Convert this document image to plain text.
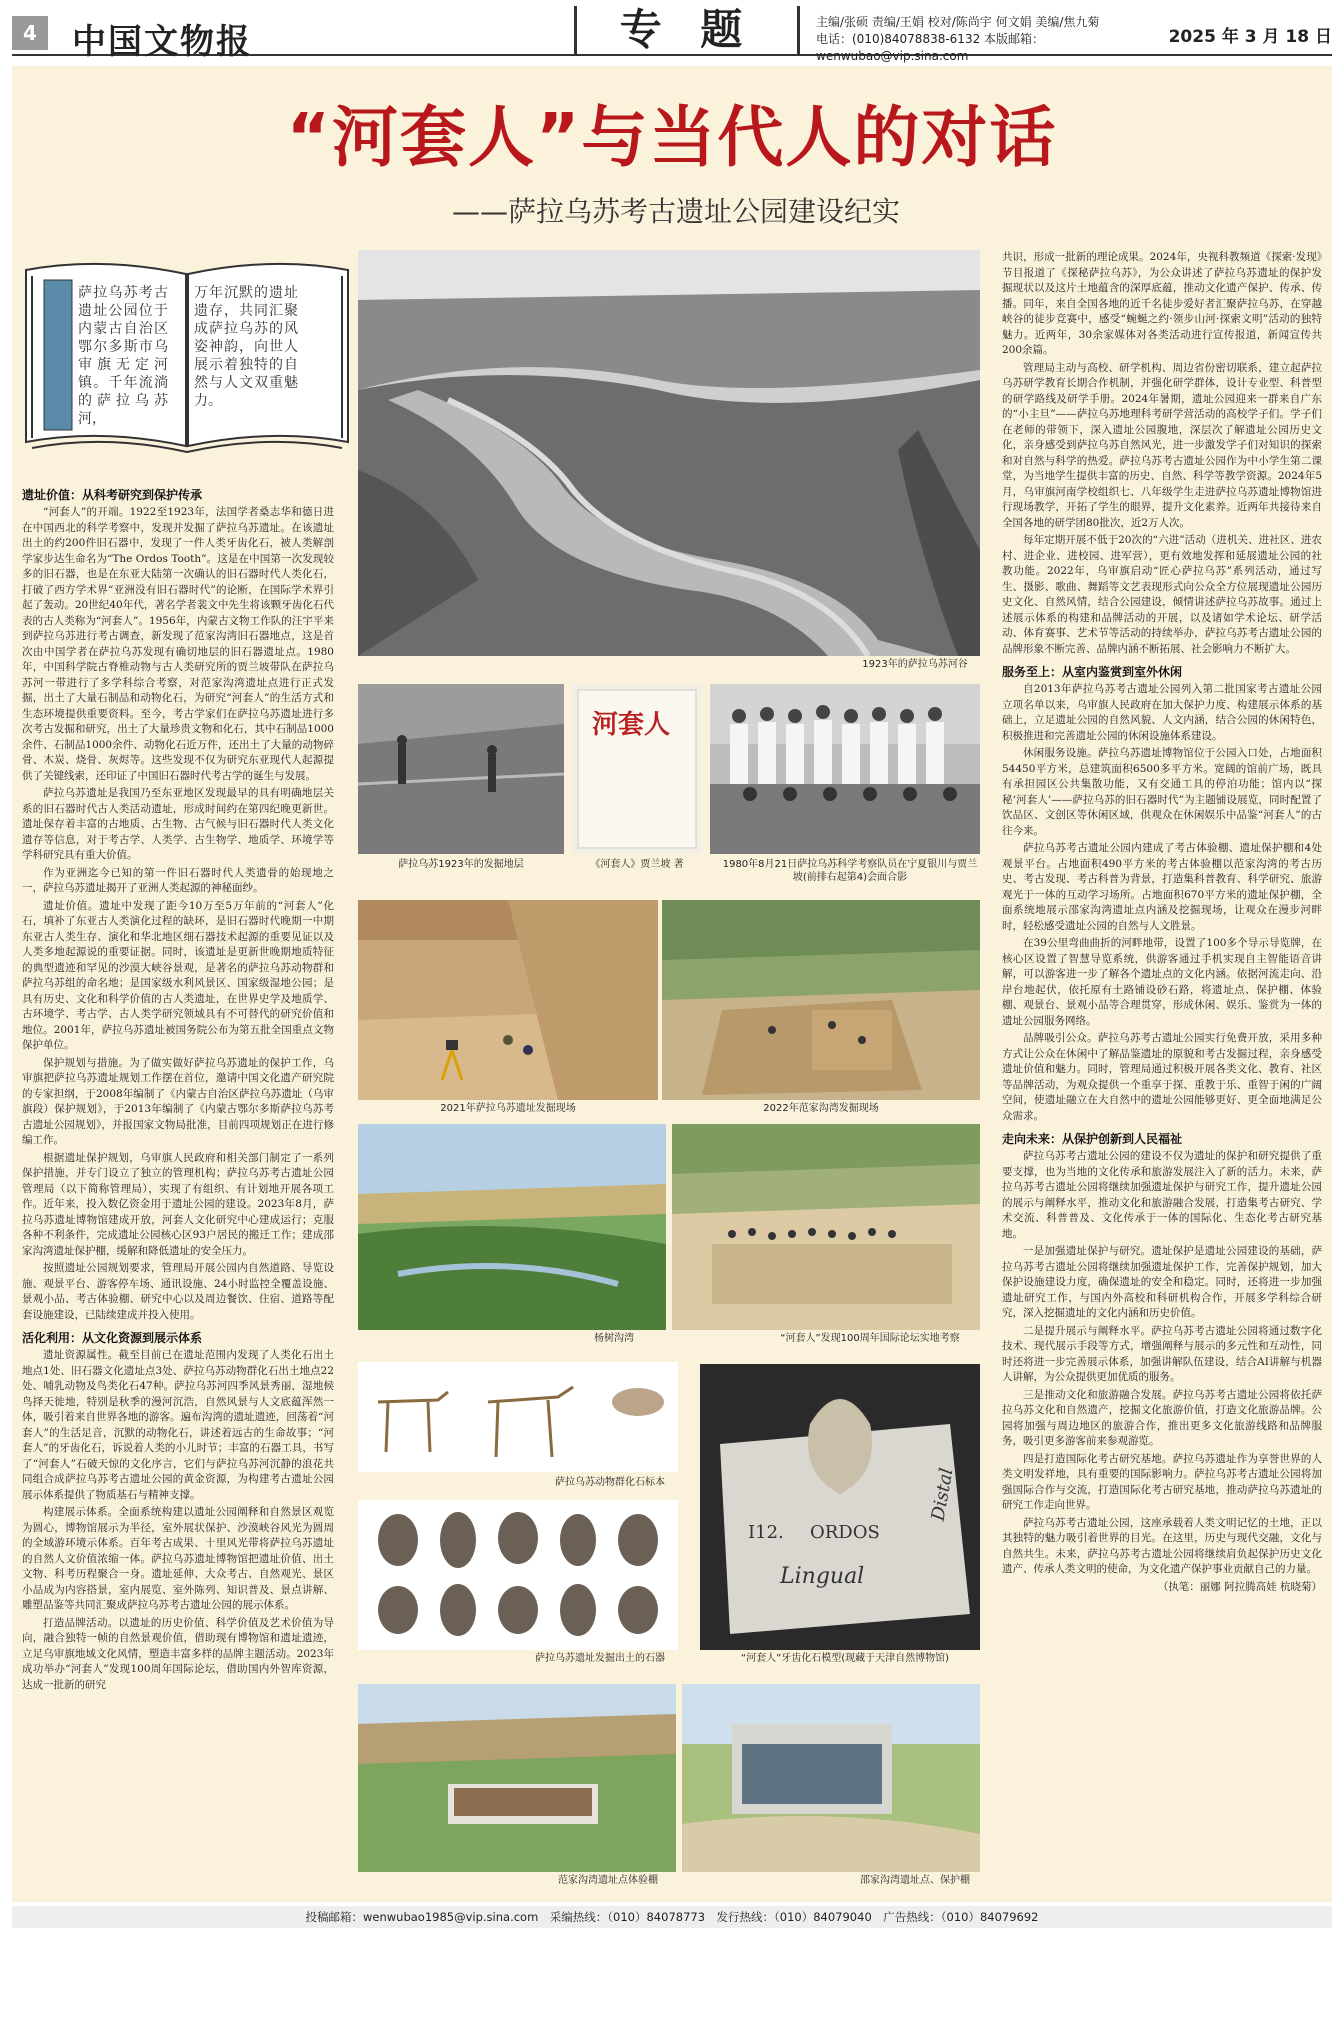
4	中国文物报	专 题	主编/张硕 责编/王娟 校对/陈尚宇 何文娟 美编/焦九菊
电话：(010)84078838-6132 本版邮箱：wenwubao@vip.sina.com
2025 年 3 月 18 日
“河套人”与当代人的对话
——萨拉乌苏考古遗址公园建设纪实
萨拉乌苏考古遗址公园位于内蒙古自治区鄂尔多斯市乌审旗无定河镇。千年流淌的萨拉乌苏河，
万年沉默的遗址遗存，共同汇聚成萨拉乌苏的风姿神韵，向世人展示着独特的自然与人文双重魅力。

遗址价值：从科考研究到保护传承

“河套人”的开端。1922至1923年，法国学者桑志华和德日进在中国西北的科学考察中，发现并发掘了萨拉乌苏遗址。在该遗址出土的约200件旧石器中，发现了一件人类牙齿化石，被人类解剖学家步达生命名为“The Ordos Tooth”。这是在中国第一次发现较多的旧石器，也是在东亚大陆第一次确认的旧石器时代人类化石，打破了西方学术界“亚洲没有旧石器时代”的论断，在国际学术界引起了轰动。20世纪40年代，著名学者裴文中先生将该颗牙齿化石代表的古人类称为“河套人”。1956年，内蒙古文物工作队的汪宇平来到萨拉乌苏进行考古调查，新发现了范家沟湾旧石器地点，这是首次由中国学者在萨拉乌苏发现有确切地层的旧石器遗址点。1980年，中国科学院古脊椎动物与古人类研究所的贾兰坡带队在萨拉乌苏河一带进行了多学科综合考察，对范家沟湾遗址点进行正式发掘，出土了大量石制品和动物化石，为研究“河套人”的生活方式和生态环境提供重要资料。至今，考古学家们在萨拉乌苏遗址进行多次考古发掘和研究，出土了大量珍贵文物和化石，其中石制品1000余件、石制品1000余件、动物化石近万件，还出土了大量的动物碎骨、木炭、烧骨、灰烬等。这些发现不仅为研究东亚现代人起源提供了关键线索，还印证了中国旧石器时代考古学的诞生与发展。

萨拉乌苏遗址是我国乃至东亚地区发现最早的具有明确地层关系的旧石器时代古人类活动遗址，形成时间约在第四纪晚更新世。遗址保存着丰富的古地质、古生物、古气候与旧石器时代人类文化遗存等信息，对于考古学、人类学、古生物学、地质学、环境学等学科研究具有重大价值。

作为亚洲迄今已知的第一件旧石器时代人类遗骨的始现地之一，萨拉乌苏遗址揭开了亚洲人类起源的神秘面纱。

遗址价值。遗址中发现了距今10万至5万年前的“河套人”化石，填补了东亚古人类演化过程的缺环，是旧石器时代晚期一中期东亚古人类生存、演化和华北地区细石器技术起源的重要见证以及人类多地起源说的重要证据。同时，该遗址是更新世晚期地质特征的典型遗迹和罕见的沙漠大峡谷景观，是著名的萨拉乌苏动物群和萨拉乌苏组的命名地；是国家级水利风景区、国家级湿地公园；是具有历史、文化和科学价值的古人类遗址，在世界史学及地质学、古环境学、考古学、古人类学研究领域具有不可替代的研究价值和地位。2001年，萨拉乌苏遗址被国务院公布为第五批全国重点文物保护单位。

保护规划与措施。为了做实做好萨拉乌苏遗址的保护工作，乌审旗把萨拉乌苏遗址规划工作摆在首位，邀请中国文化遗产研究院的专家担纲，于2008年编制了《内蒙古自治区萨拉乌苏遗址（乌审旗段）保护规划》，于2013年编制了《内蒙古鄂尔多斯萨拉乌苏考古遗址公园规划》，并报国家文物局批准，目前四项规划正在进行修编工作。

根据遗址保护规划，乌审旗人民政府和相关部门制定了一系列保护措施，并专门设立了独立的管理机构；萨拉乌苏考古遗址公园管理局（以下简称管理局），实现了有组织、有计划地开展各项工作。近年来，投入数亿资金用于遗址公园的建设。2023年8月，萨拉乌苏遗址博物馆建成开放，河套人文化研究中心建成运行；克服各种不利条件，完成遗址公园核心区93户居民的搬迁工作；建成邵家沟湾遗址保护棚，缓解和降低遗址的安全压力。

按照遗址公园规划要求，管理局开展公园内自然道路、导览设施、观景平台、游客停车场、通讯设施、24小时监控全覆盖设施、景观小品、考古体验棚、研究中心以及周边餐饮、住宿、道路等配套设施建设，已陆续建成并投入使用。

活化利用：从文化资源到展示体系

遗址资源属性。截至目前已在遗址范围内发现了人类化石出土地点1处、旧石器文化遗址点3处、萨拉乌苏动物群化石出土地点22处、哺乳动物及鸟类化石47种。萨拉乌苏河四季风景秀丽，湿地候鸟择天徙地，特别是秋季的漫河沉浩，自然风景与人文底蕴浑然一体，吸引着来自世界各地的游客。遍布沟湾的遗址遗迹，回荡着“河套人”的生活足音，沉默的动物化石，讲述着远古的生命故事；“河套人”的牙齿化石，诉说着人类的小儿时节；丰富的石器工具，书写了“河套人”石破天惊的文化序言，它们与萨拉乌苏河沉静的浪花共同组合成萨拉乌苏考古遗址公园的黄金资源，为构建考古遗址公园展示体系提供了物质基石与精神支撑。

构建展示体系。全面系统构建以遗址公园阐释和自然景区观览为圆心，博物馆展示为半径，室外展状保护、沙漠峡谷风光为圆周的全域游环境示体系。百年考古成果、十里风光带将萨拉乌苏遗址的自然人文价值浓缩一体。萨拉乌苏遗址博物馆把遗址价值、出土文物、科考历程聚合一身。遗址延伸、大众考古、自然观光、景区小品成为内容搭景，室内展览、室外陈列、知识普及、景点讲解、雕塑品鉴等共同汇聚成萨拉乌苏考古遗址公园的展示体系。

打造品牌活动。以遗址的历史价值、科学价值及艺术价值为导向，融合独特一帧的自然景观价值，借助现有博物馆和遗址遗迹，立足乌审旗地域文化风情，塑造丰富多样的品牌主题活动。2023年成功举办“河套人”发现100周年国际论坛，借助国内外智库资源，达成一批新的研究

1923年的萨拉乌苏河谷
萨拉乌苏1923年的发掘地层
河套人
《河套人》贾兰坡 著	1980年8月21日萨拉乌苏科学考察队员在宁夏银川与贾兰坡(前排右起第4)会面合影
2021年萨拉乌苏遗址发掘现场	2022年范家沟湾发掘现场
杨树沟湾	“河套人”发现100周年国际论坛实地考察
萨拉乌苏动物群化石标本
萨拉乌苏遗址发掘出土的石器
I12. ORDOS
Lingual
Distal
“河套人”牙齿化石模型(现藏于天津自然博物馆)
范家沟湾遗址点体验棚	邵家沟湾遗址点、保护棚

共识，形成一批新的理论成果。2024年，央视科教频道《探索·发现》节目报道了《探秘萨拉乌苏》，为公众讲述了萨拉乌苏遗址的保护发掘现状以及这片土地蕴含的深厚底蕴，推动文化遗产保护、传承、传播。同年，来自全国各地的近千名徒步爱好者汇聚萨拉乌苏，在穿越峡谷的徒步竞赛中，感受“蜿蜒之约·领步山河·探索文明”活动的独特魅力。近两年，30余家媒体对各类活动进行宣传报道，新闻宣传共200余篇。

管理局主动与高校、研学机构、周边省份密切联系，建立起萨拉乌苏研学教育长期合作机制，并强化研学群体，设计专业型、科普型的研学路线及研学手册。2024年暑期，遗址公园迎来一群来自广东的“小主旦”——萨拉乌苏地理科考研学营活动的高校学子们。学子们在老师的带领下，深入遗址公园腹地，深层次了解遗址公园历史文化，亲身感受到萨拉乌苏自然风光，进一步激发学子们对知识的探索和对自然与科学的热爱。萨拉乌苏考古遗址公园作为中小学生第二课堂，为当地学生提供丰富的历史、自然、科学等教学资源。2024年5月，乌审旗河南学校组织七、八年级学生走进萨拉乌苏遗址博物馆进行现场教学，开拓了学生的眼界，提升文化素养。近两年共接待来自全国各地的研学团80批次，近2万人次。

每年定期开展不低于20次的“六进”活动（进机关、进社区、进农村、进企业、进校园、进军营），更有效地发挥和延展遗址公园的社教功能。2022年，乌审旗启动“匠心萨拉乌苏”系列活动，通过写生、摄影、歌曲、舞蹈等文艺表现形式向公众全方位展现遗址公园历史文化、自然风情，结合公园建设，倾情讲述萨拉乌苏故事。通过上述展示体系的构建和品牌活动的开展，以及诸如学术论坛、研学活动、体育赛事、艺术节等活动的持续举办，萨拉乌苏考古遗址公园的品牌形象不断完善、品牌内涵不断拓展、社会影响力不断扩大。

服务至上：从室内鉴赏到室外休闲

自2013年萨拉乌苏考古遗址公园列入第二批国家考古遗址公园立项名单以来，乌审旗人民政府在加大保护力度、构建展示体系的基础上，立足遗址公园的自然风貌、人文内涵，结合公园的休闲特色，积极推进和完善遗址公园的休闲设施体系建设。

休闲服务设施。萨拉乌苏遗址博物馆位于公园入口处，占地面积54450平方米，总建筑面积6500多平方米。宽阔的馆前广场，既具有承担园区公共集散功能，又有交通工具的停泊功能；馆内以“探秘‘河套人’——萨拉乌苏的旧石器时代”为主题铺设展览，同时配置了饮品区、文创区等休闲区域，供观众在休闲娱乐中品鉴“河套人”的古往今来。

萨拉乌苏考古遗址公园内建成了考古体验棚、遗址保护棚和4处观景平台。占地面积490平方米的考古体验棚以范家沟湾的考古历史、考古发现、考古科普为背景，打造集科普教育、科学研究、旅游观光于一体的互动学习场所。占地面积670平方米的遗址保护棚，全面系统地展示邵家沟湾遗址点内涵及挖掘现场，让观众在漫步河畔时，轻松感受遗址公园的自然与人文胜景。

在39公里弯曲曲折的河畔地带，设置了100多个导示导览牌，在核心区设置了智慧导览系统，供游客通过手机实现自主智能语音讲解，可以游客进一步了解各个遗址点的文化内涵。依据河流走向、沿岸台地起伏，依托原有土路铺设砂石路，将遗址点、保护棚、体验棚、观景台、景观小品等合理贯穿，形成休闲、娱乐、鉴赏为一体的遗址公园服务网络。

品牌吸引公众。萨拉乌苏考古遗址公园实行免费开放，采用多种方式让公众在休闲中了解品鉴遗址的原貌和考古发掘过程，亲身感受遗址价值和魅力。同时，管理局通过积极开展各类文化、教育、社区等品牌活动，为观众提供一个重享于探、重教于乐、重智于闲的广阔空间，使遗址融立在大自然中的遗址公园能够更好、更全面地满足公众需求。

走向未来：从保护创新到人民福祉

萨拉乌苏考古遗址公园的建设不仅为遗址的保护和研究提供了重要支撑，也为当地的文化传承和旅游发展注入了新的活力。未来，萨拉乌苏考古遗址公园将继续加强遗址保护与研究工作，提升遗址公园的展示与阐释水平，推动文化和旅游融合发展，打造集考古研究、学术交流、科普普及、文化传承于一体的国际化、生态化考古研究基地。

一是加强遗址保护与研究。遗址保护是遗址公园建设的基础，萨拉乌苏考古遗址公园将继续加强遗址保护工作，完善保护规划，加大保护设施建设力度，确保遗址的安全和稳定。同时，还将进一步加强遗址研究工作，与国内外高校和科研机构合作，开展多学科综合研究，深入挖掘遗址的文化内涵和历史价值。

二是提升展示与阐释水平。萨拉乌苏考古遗址公园将通过数字化技术、现代展示手段等方式，增强阐释与展示的多元性和互动性，同时还将进一步完善展示体系，加强讲解队伍建设，结合AI讲解与机器人讲解，为公众提供更加优质的服务。

三是推动文化和旅游融合发展。萨拉乌苏考古遗址公园将依托萨拉乌苏文化和自然遗产，挖掘文化旅游价值，打造文化旅游品牌。公园将加强与周边地区的旅游合作，推出更多文化旅游线路和品牌服务，吸引更多游客前来参观游览。

四是打造国际化考古研究基地。萨拉乌苏遗址作为享誉世界的人类文明发祥地，具有重要的国际影响力。萨拉乌苏考古遗址公园将加强国际合作与交流，打造国际化考古研究基地，推动萨拉乌苏遗址的研究工作走向世界。

萨拉乌苏考古遗址公园，这座承载着人类文明记忆的土地，正以其独特的魅力吸引着世界的目光。在这里，历史与现代交融，文化与自然共生。未来，萨拉乌苏考古遗址公园将继续肩负起保护历史文化遗产、传承人类文明的使命，为文化遗产保护事业贡献自己的力量。

（执笔：丽娜 阿拉腾高娃 杭晓菊）

投稿邮箱：wenwubao1985@vip.sina.com　采编热线：（010）84078773　发行热线：（010）84079040　广告热线：（010）84079692
